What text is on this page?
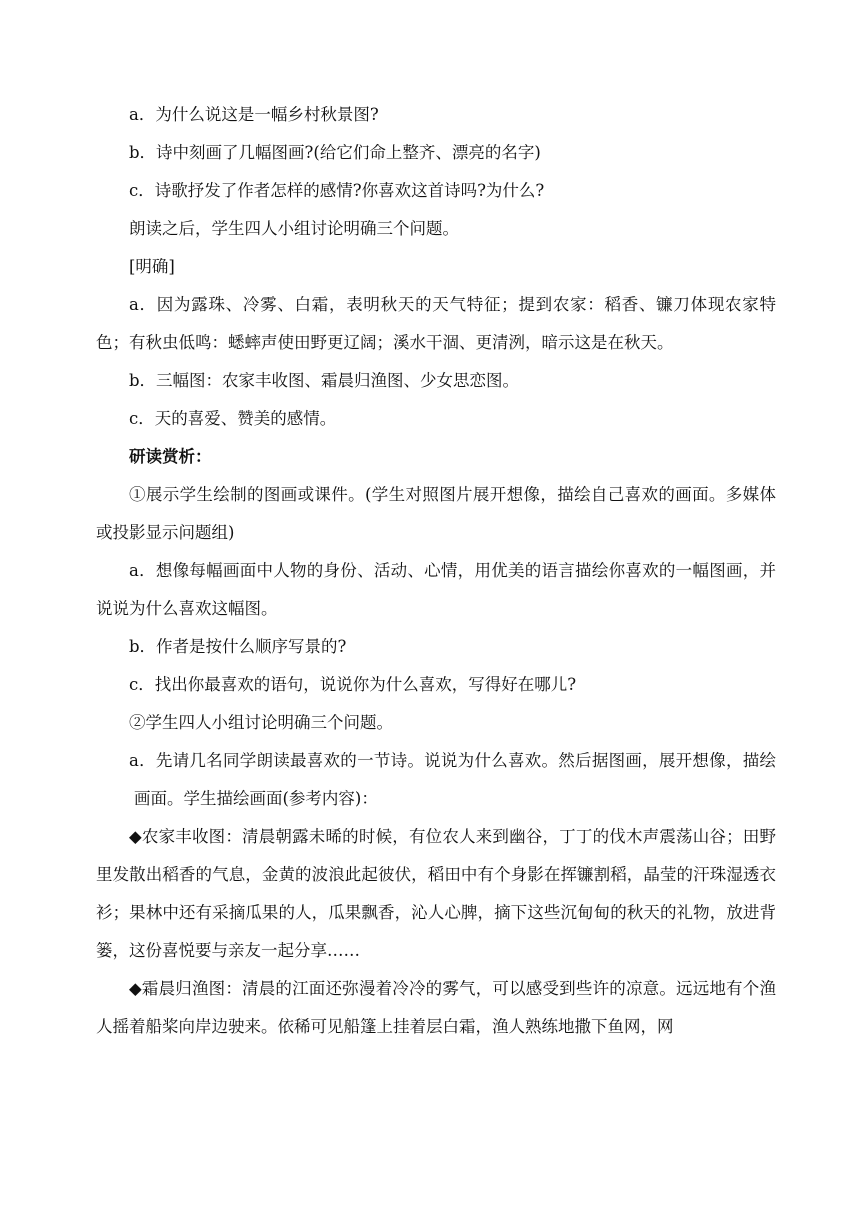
a．为什么说这是一幅乡村秋景图?

b．诗中刻画了几幅图画?(给它们命上整齐、漂亮的名字)

c．诗歌抒发了作者怎样的感情?你喜欢这首诗吗?为什么?

朗读之后，学生四人小组讨论明确三个问题。

[明确]

a．因为露珠、冷雾、白霜，表明秋天的天气特征；提到农家：稻香、镰刀体现农家特色；有秋虫低鸣：蟋蟀声使田野更辽阔；溪水干涸、更清洌，暗示这是在秋天。

b．三幅图：农家丰收图、霜晨归渔图、少女思恋图。

c．天的喜爱、赞美的感情。

研读赏析：

①展示学生绘制的图画或课件。(学生对照图片展开想像，描绘自己喜欢的画面。多媒体或投影显示问题组)

a．想像每幅画面中人物的身份、活动、心情，用优美的语言描绘你喜欢的一幅图画，并说说为什么喜欢这幅图。

b．作者是按什么顺序写景的?

c．找出你最喜欢的语句，说说你为什么喜欢，写得好在哪儿?

②学生四人小组讨论明确三个问题。

a．先请几名同学朗读最喜欢的一节诗。说说为什么喜欢。然后据图画，展开想像，描绘画面。学生描绘画面(参考内容)：

◆农家丰收图：清晨朝露未晞的时候，有位农人来到幽谷，丁丁的伐木声震荡山谷；田野里发散出稻香的气息，金黄的波浪此起彼伏，稻田中有个身影在挥镰割稻，晶莹的汗珠湿透衣衫；果林中还有采摘瓜果的人，瓜果飘香，沁人心脾，摘下这些沉甸甸的秋天的礼物，放进背篓，这份喜悦要与亲友一起分享……

◆霜晨归渔图：清晨的江面还弥漫着冷冷的雾气，可以感受到些许的凉意。远远地有个渔人摇着船桨向岸边驶来。依稀可见船篷上挂着层白霜，渔人熟练地撒下鱼网，网
